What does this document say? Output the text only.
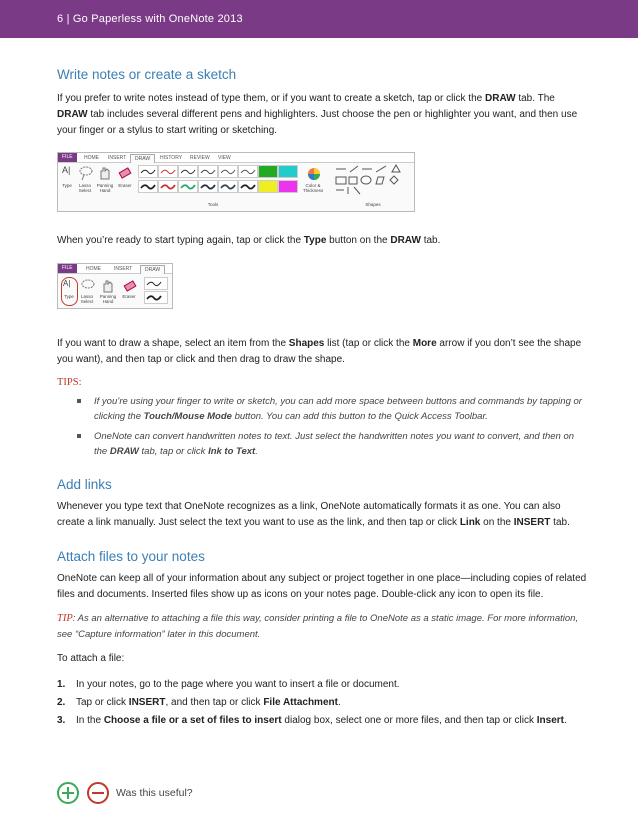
6 | Go Paperless with OneNote 2013
Write notes or create a sketch

If you prefer to write notes instead of type them, or if you want to create a sketch, tap or click the DRAW tab. The DRAW tab includes several different pens and highlighters. Just choose the pen or highlighter you want, and then use your finger or a stylus to start writing or sketching.

FILE	HOME	INSERT	DRAW	HISTORY	REVIEW	VIEW
A|
Type	Lasso Select
Panning Hand
Eraser
Tools
Color & Thickness
Shapes

When you’re ready to start typing again, tap or click the Type button on the DRAW tab.

FILE	HOME	INSERT	DRAW
A|
Type	Lasso Select
Panning Hand
Eraser

If you want to draw a shape, select an item from the Shapes list (tap or click the More arrow if you don’t see the shape you want), and then tap or click and then drag to draw the shape.

TIPS:
If you’re using your finger to write or sketch, you can add more space between buttons and commands by tapping or clicking the Touch/Mouse Mode button. You can add this button to the Quick Access Toolbar.
OneNote can convert handwritten notes to text. Just select the handwritten notes you want to convert, and then on the DRAW tab, tap or click Ink to Text.
Add links

Whenever you type text that OneNote recognizes as a link, OneNote automatically formats it as one. You can also create a link manually. Just select the text you want to use as the link, and then tap or click Link on the INSERT tab.

Attach files to your notes

OneNote can keep all of your information about any subject or project together in one place—including copies of related files and documents. Inserted files show up as icons on your notes page. Double-click any icon to open its file.

TIP: As an alternative to attaching a file this way, consider printing a file to OneNote as a static image. For more information, see “Capture information” later in this document.

To attach a file:

1. In your notes, go to the page where you want to insert a file or document.
2. Tap or click INSERT, and then tap or click File Attachment.
3. In the Choose a file or a set of files to insert dialog box, select one or more files, and then tap or click Insert.
Was this useful?
